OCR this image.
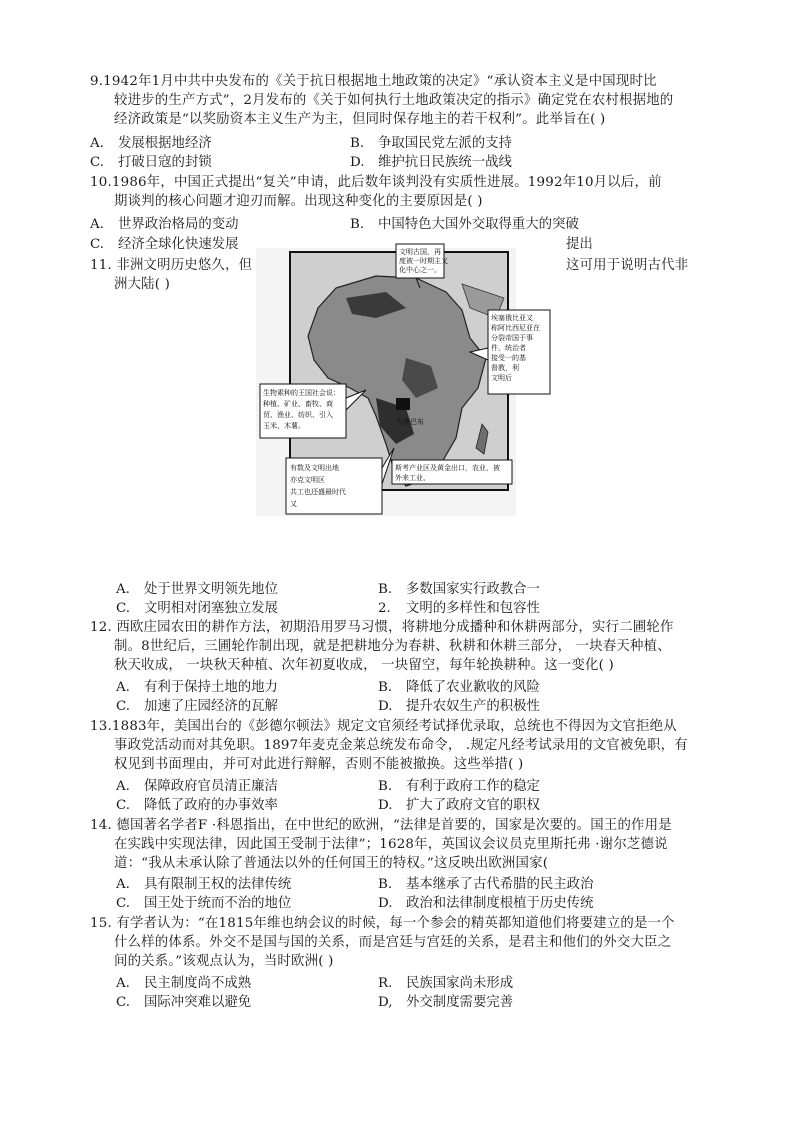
9.1942年1月中共中央发布的《关于抗日根据地土地政策的决定》“承认资本主义是中国现时比
较进步的生产方式”，2月发布的《关于如何执行土地政策决定的指示》确定党在农村根据地的
经济政策是“以奖励资本主义生产为主，但同时保存地主的若干权利”。此举旨在( )
A. 发展根据地经济	B. 争取国民党左派的支持
C. 打破日寇的封锁	D. 维护抗日民族统一战线
10.1986年，中国正式提出“复关”申请，此后数年谈判没有实质性进展。1992年10月以后，前
期谈判的核心问题才迎刃而解。出现这种变化的主要原因是( )
A. 世界政治格局的变动	B. 中国特色大国外交取得重大的突破
C. 经济全球化快速发展	提出
11. 非洲文明历史悠久，但	这可用于说明古代非
洲大陆( )
文明古国，再
度被一时期主义
化中心之一。
埃塞俄比亚又
称阿比西尼亚在
分裂帝国于事
件，统治者
接受一的基
督教，利
文明后
生物素种的王国社会说：
种植、矿业、畜牧、商
贸、渔业、纺织、引入
玉米、木薯。
有数及文明出地
亦克文明区
共工也还盛最时代
又
斯考产业区及黄金出口，农业，被
外来工业、
大津巴布
A. 处于世界文明领先地位	B. 多数国家实行政教合一
C. 文明相对闭塞独立发展	2. 文明的多样性和包容性
12. 西欧庄园农田的耕作方法，初期沿用罗马习惯，将耕地分成播种和休耕两部分，实行二圃轮作
制。8世纪后，三圃轮作制出现，就是把耕地分为春耕、秋耕和休耕三部分， 一块春天种植、
秋天收成， 一块秋天种植、次年初夏收成， 一块留空，每年轮换耕种。这一变化( )
A. 有利于保持土地的地力	B. 降低了农业歉收的风险
C. 加速了庄园经济的瓦解	D. 提升农奴生产的积极性
13.1883年，美国出台的《彭德尔顿法》规定文官须经考试择优录取，总统也不得因为文官拒绝从
事政党活动而对其免职。1897年麦克金莱总统发布命令， .规定凡经考试录用的文官被免职，有
权见到书面理由，并可对此进行辩解，否则不能被撤换。这些举措( )
A. 保障政府官员清正廉洁	B. 有利于政府工作的稳定
C. 降低了政府的办事效率	D. 扩大了政府文官的职权
14. 德国著名学者F ·科恩指出，在中世纪的欧洲，“法律是首要的，国家是次要的。国王的作用是
在实践中实现法律，因此国王受制于法律”；1628年，英国议会议员克里斯托弗 ·谢尔芝德说
道：“我从未承认除了普通法以外的任何国王的特权。”这反映出欧洲国家(
A. 具有限制王权的法律传统	B. 基本继承了古代希腊的民主政治
C. 国王处于统而不治的地位	D. 政治和法律制度根植于历史传统
15. 有学者认为：“在1815年维也纳会议的时候，每一个参会的精英都知道他们将要建立的是一个
什么样的体系。外交不是国与国的关系，而是宫廷与宫廷的关系，是君主和他们的外交大臣之
间的关系。”该观点认为，当时欧洲( )
A. 民主制度尚不成熟	R. 民族国家尚未形成
C. 国际冲突难以避免	D, 外交制度需要完善
